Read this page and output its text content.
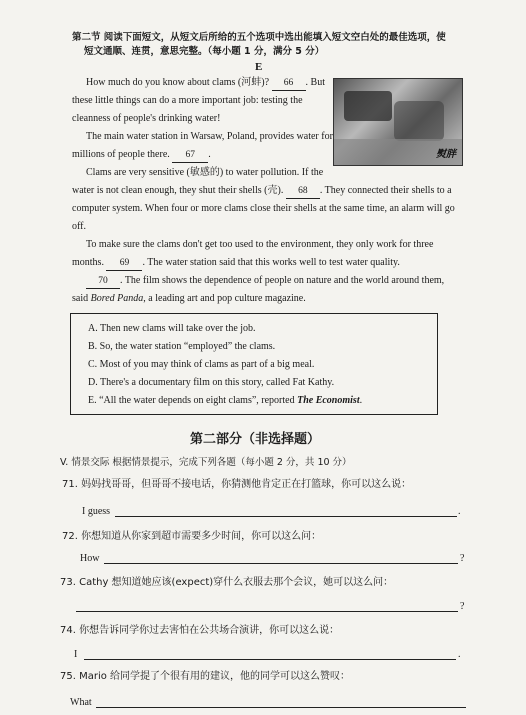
第二节 阅读下面短文，从短文后所给的五个选项中选出能填入短文空白处的最佳选项，使
短文通顺、连贯，意思完整。（每小题 1 分，满分 5 分）
E
熨胖
How much do you know about clams (河蚌)? 66 . But
these little things can do a more important job: testing the
cleanness of people's drinking water!
The main water station in Warsaw, Poland, provides water for
millions of people there. 67 .
Clams are very sensitive (敏感的) to water pollution. If the
water is not clean enough, they shut their shells (壳). 68 . They connected their shells to a
computer system. When four or more clams close their shells at the same time, an alarm will go
off.
To make sure the clams don't get too used to the environment, they only work for three
months. 69 . The water station said that this works well to test water quality.
70 . The film shows the dependence of people on nature and the world around them,
said Bored Panda, a leading art and pop culture magazine.
A. Then new clams will take over the job.
B. So, the water station “employed” the clams.
C. Most of you may think of clams as part of a big meal.
D. There's a documentary film on this story, called Fat Kathy.
E. “All the water depends on eight clams”, reported The Economist.
第二部分（非选择题）
V. 情景交际 根据情景提示，完成下列各题（每小题 2 分，共 10 分）
71. 妈妈找哥哥，但哥哥不接电话，你猜测他肯定正在打篮球，你可以这么说：
I guess	.
72. 你想知道从你家到超市需要多少时间，你可以这么问：
How	?
73. Cathy 想知道她应该(expect)穿什么衣服去那个会议，她可以这么问：
?
74. 你想告诉同学你过去害怕在公共场合演讲，你可以这么说：
I	.
75. Mario 给同学提了个很有用的建议，他的同学可以这么赞叹：
What
